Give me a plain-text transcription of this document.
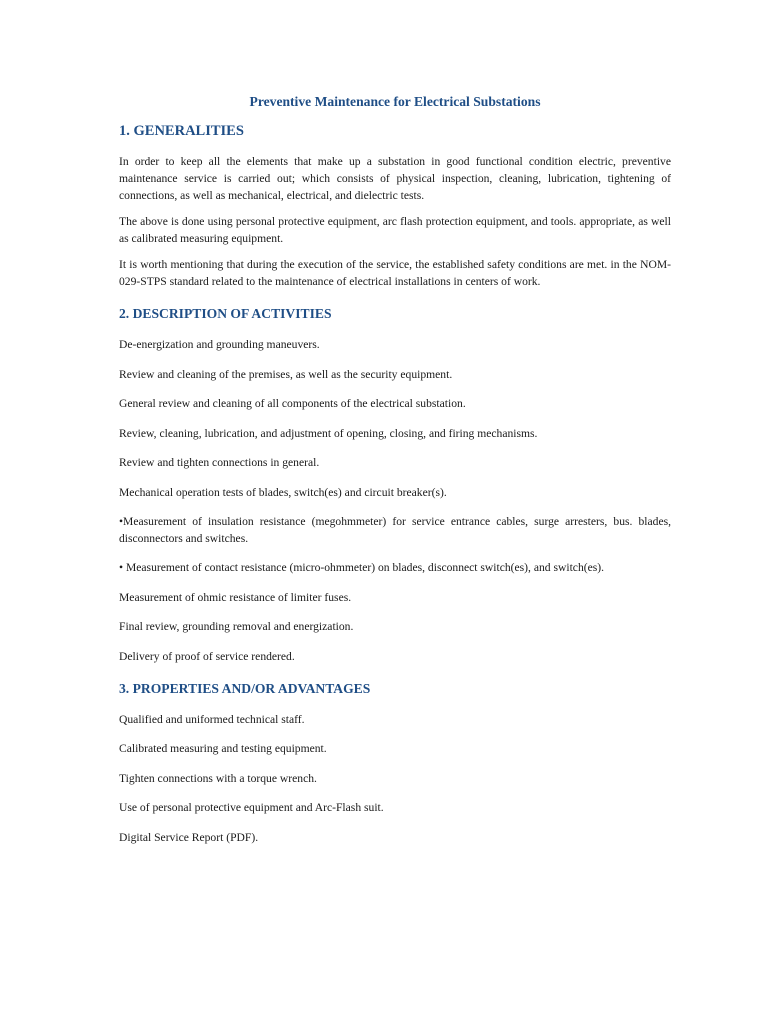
Preventive Maintenance for Electrical Substations
1. GENERALITIES

In order to keep all the elements that make up a substation in good functional condition electric, preventive maintenance service is carried out; which consists of physical inspection, cleaning, lubrication, tightening of connections, as well as mechanical, electrical, and dielectric tests.

The above is done using personal protective equipment, arc flash protection equipment, and tools. appropriate, as well as calibrated measuring equipment.

It is worth mentioning that during the execution of the service, the established safety conditions are met. in the NOM-029-STPS standard related to the maintenance of electrical installations in centers of work.

2. DESCRIPTION OF ACTIVITIES

De-energization and grounding maneuvers.

Review and cleaning of the premises, as well as the security equipment.

General review and cleaning of all components of the electrical substation.

Review, cleaning, lubrication, and adjustment of opening, closing, and firing mechanisms.

Review and tighten connections in general.

Mechanical operation tests of blades, switch(es) and circuit breaker(s).

•Measurement of insulation resistance (megohmmeter) for service entrance cables, surge arresters, bus. blades, disconnectors and switches.

• Measurement of contact resistance (micro-ohmmeter) on blades, disconnect switch(es), and switch(es).

Measurement of ohmic resistance of limiter fuses.

Final review, grounding removal and energization.

Delivery of proof of service rendered.

3. PROPERTIES AND/OR ADVANTAGES

Qualified and uniformed technical staff.

Calibrated measuring and testing equipment.

Tighten connections with a torque wrench.

Use of personal protective equipment and Arc-Flash suit.

Digital Service Report (PDF).
